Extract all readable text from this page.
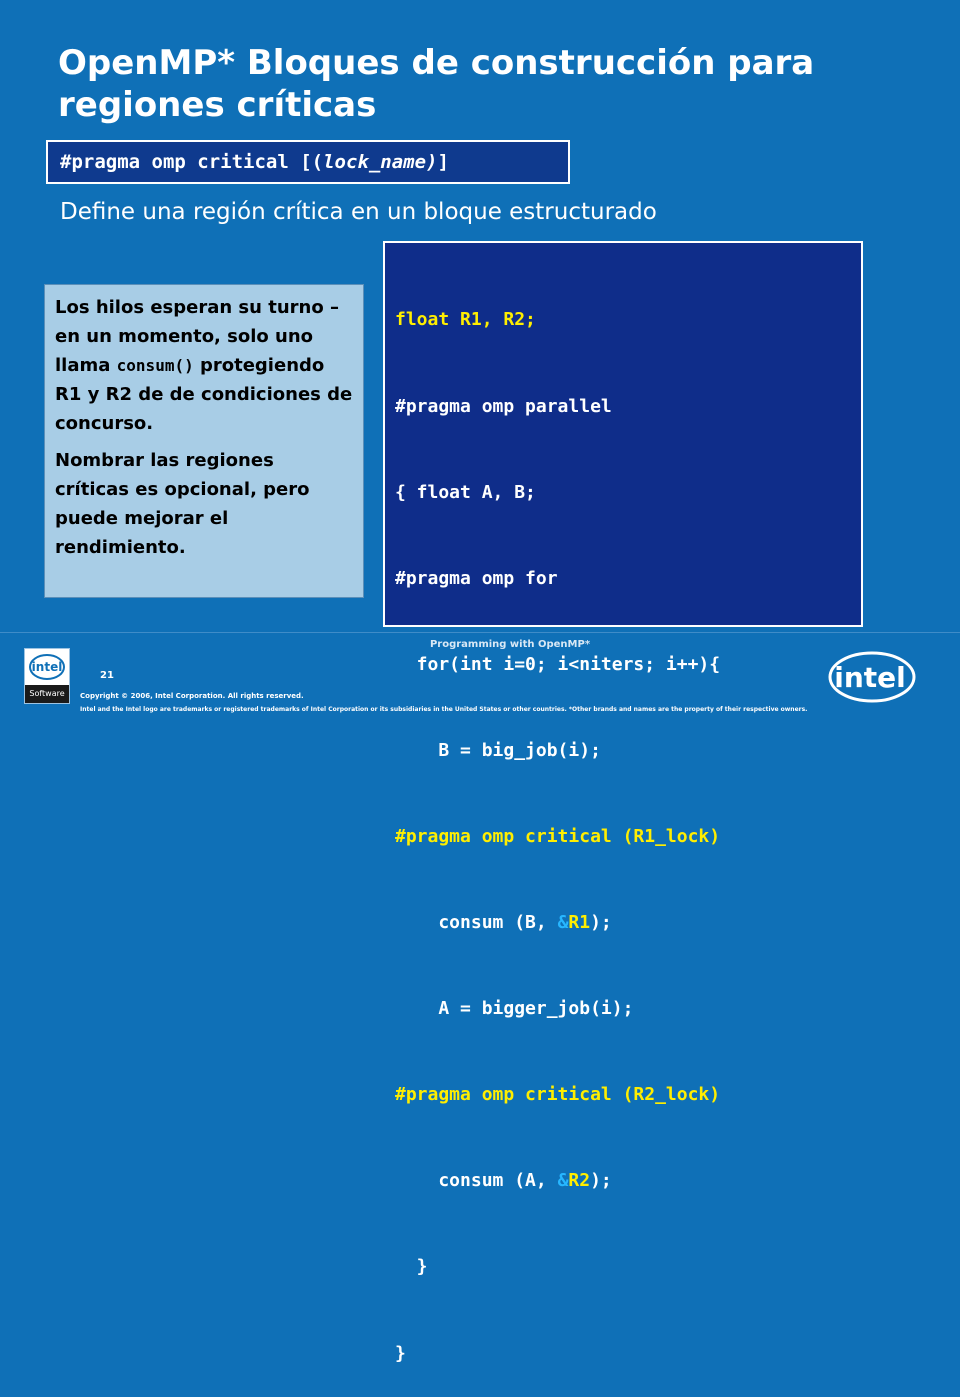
OpenMP* Bloques de construcción para regiones críticas
#pragma omp critical [(lock_name)]
Define una región crítica en un bloque estructurado

Los hilos esperan su turno –en un momento, solo uno llama consum() protegiendo R1 y R2 de de condiciones de concurso.

Nombrar las regiones críticas es opcional, pero puede mejorar el rendimiento.

float R1, R2;

#pragma omp parallel

{ float A, B;

#pragma omp for

for(int i=0; i<niters; i++){

B = big_job(i);

#pragma omp critical (R1_lock)

consum (B, &R1);

A = bigger_job(i);

#pragma omp critical (R2_lock)

consum (A, &R2);

}

}

Programming with OpenMP*
intel
Software
21
Copyright © 2006, Intel Corporation. All rights reserved.
Intel and the Intel logo are trademarks or registered trademarks of Intel Corporation or its subsidiaries in the United States or other countries. *Other brands and names are the property of their respective owners.
intel
